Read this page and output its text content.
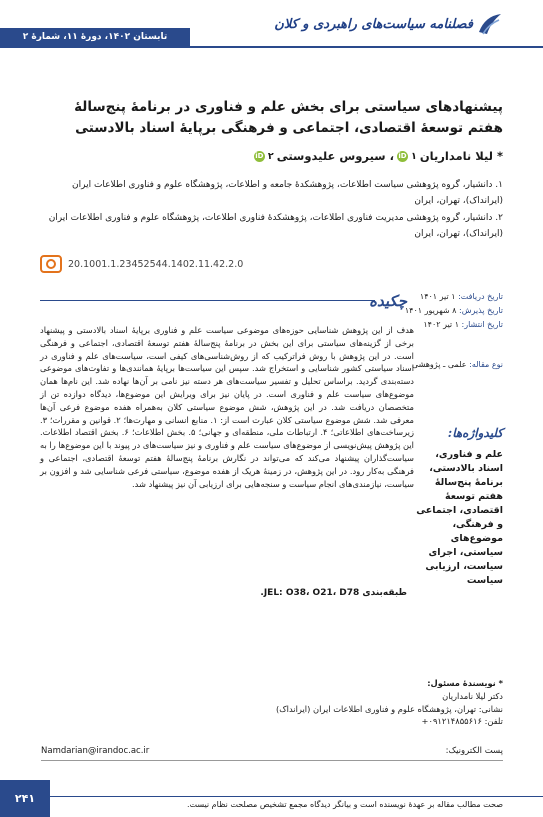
تابستان ۱۴۰۲، دورهٔ ۱۱، شمارهٔ ۲
فصلنامه سیاست‌های راهبردی و کلان
پیشنهادهای سیاستی برای بخش علم و فناوری در برنامهٔ پنج‌سالهٔ هفتم توسعهٔ اقتصادی، اجتماعی و فرهنگی برپایهٔ اسناد بالادستی
* لیلا نامداریان
۱
iD
، سیروس علیدوستی
۲
iD
۱. دانشیار، گروه پژوهشی سیاست اطلاعات، پژوهشکدهٔ جامعه و اطلاعات، پژوهشگاه علوم و فناوری اطلاعات ایران (ایرانداک)، تهران، ایران
۲. دانشیار، گروه پژوهشی مدیریت فناوری اطلاعات، پژوهشکدهٔ فناوری اطلاعات، پژوهشگاه علوم و فناوری اطلاعات ایران (ایرانداک)، تهران، ایران
20.1001.1.23452544.1402.11.42.2.0
تاریخ دریافت: ۱ تیر ۱۴۰۱
تاریخ پذیرش: ۸ شهریور ۱۴۰۱
تاریخ انتشار: ۱ تیر ۱۴۰۲
نوع مقاله: علمی ـ پژوهشی
کلیدواژه‌ها:
علم و فناوری، اسناد بالادستی، برنامهٔ پنج‌سالهٔ هفتم توسعهٔ اقتصادی، اجتماعی و فرهنگی، موضوع‌های سیاستی، اجرای سیاست، ارزیابی سیاست
چکیده
هدف از این پژوهش شناسایی حوزه‌های موضوعی سیاست علم و فناوری برپایهٔ اسناد بالادستی و پیشنهاد برخی از گزینه‌های سیاستی برای این بخش در برنامهٔ پنج‌سالهٔ هفتم توسعهٔ اقتصادی، اجتماعی و فرهنگی است. در این پژوهش با روش فراترکیب که از روش‌شناسی‌های کیفی است، سیاست‌های علم و فناوری در اسناد سیاستی کشور شناسایی و استخراج شد. سپس این سیاست‌ها برپایهٔ همانندی‌ها و تفاوت‌های موضوعی دسته‌بندی گردید. براساس تحلیل و تفسیر سیاست‌های هر دسته نیز نامی بر آن‌ها نهاده شد. این نام‌ها همان موضوع‌های سیاست علم و فناوری است. در پایان نیز برای ویرایش این موضوع‌ها، دیدگاه دوازده تن از متخصصان دریافت شد. در این پژوهش، شش موضوع سیاستی کلان به‌همراه هفده موضوع فرعی آن‌ها معرفی شد. شش موضوع سیاستی کلان عبارت است از: ۱. منابع انسانی و مهارت‌ها؛ ۲. قوانین و مقررات؛ ۳. زیرساخت‌های اطلاعاتی؛ ۴. ارتباطات ملی، منطقه‌ای و جهانی؛ ۵. بخش اطلاعات؛ ۶. بخش اقتصاد اطلاعات. این پژوهش پیش‌نویسی از موضوع‌های سیاست علم و فناوری و نیز سیاست‌های در پیوند با این موضوع‌ها را به سیاست‌گذاران پیشنهاد می‌کند که می‌تواند در نگارش برنامهٔ پنج‌سالهٔ هفتم توسعهٔ اقتصادی، اجتماعی و فرهنگی به‌کار رود. در این پژوهش، در زمینهٔ هریک از هفده موضوع، سیاستی فرعی شناسایی شد و افزون بر سیاست، نیازمندی‌های انجام سیاست و سنجه‌هایی برای ارزیابی آن نیز پیشنهاد شد.
طبقه‌بندی JEL: O38، O21، D78.
* نویسندهٔ مسئول:
دکتر لیلا نامداریان
نشانی: تهران، پژوهشگاه علوم و فناوری اطلاعات ایران (ایرانداک)
تلفن: ۰۹۱۲۱۴۸۵۵۶۱۶+
پست الکترونیک:
Namdarian@irandoc.ac.ir
۲۴۱	صحت مطالب مقاله بر عهدهٔ نویسنده است و بیانگر دیدگاه مجمع تشخیص مصلحت نظام نیست.
